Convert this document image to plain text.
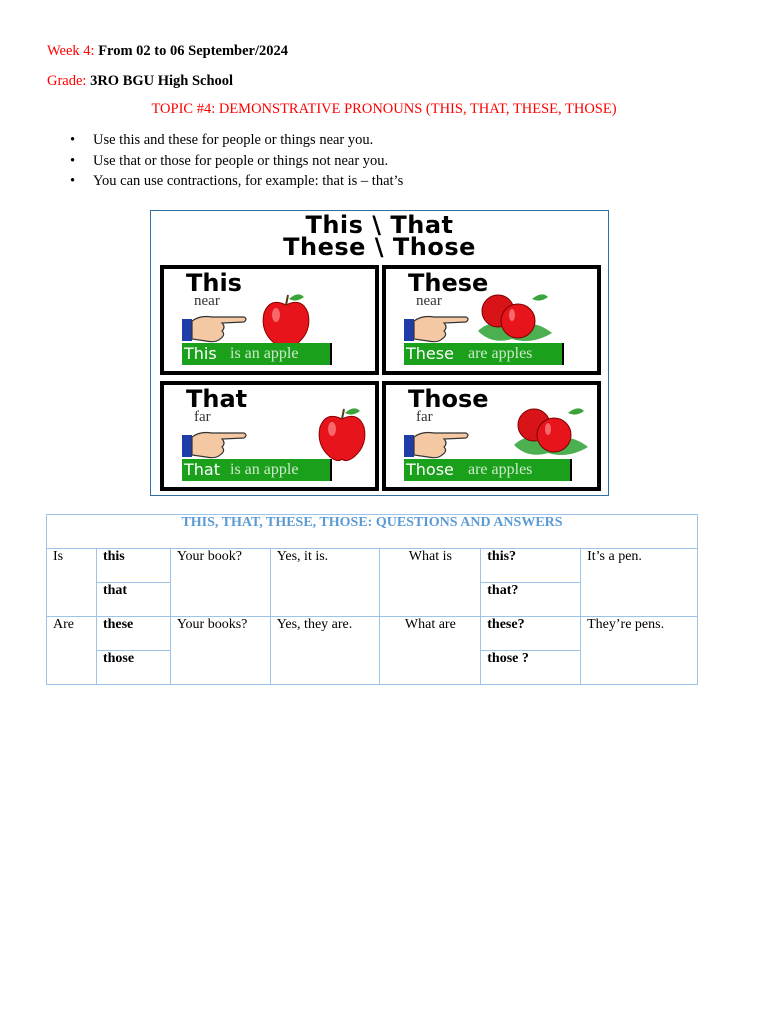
Week 4: From 02 to 06 September/2024
Grade: 3RO BGU High School
TOPIC #4: DEMONSTRATIVE PRONOUNS (THIS, THAT, THESE, THOSE)
• Use this and these for people or things near you.
• Use that or those for people or things not near you.
• You can use contractions, for example: that is – that’s
This \ That
These \ Those
This
near
This is an apple
These
near
These are apples
That
far
That is an apple
Those
far
Those are apples
THIS, THAT, THESE, THOSE: QUESTIONS AND ANSWERS						
Is	this	Your book?	Yes, it is.	What is	this?	It’s a pen.
	that				that?	
Are	these	Your books?	Yes, they are.	What are	these?	They’re pens.
	those				those ?	
